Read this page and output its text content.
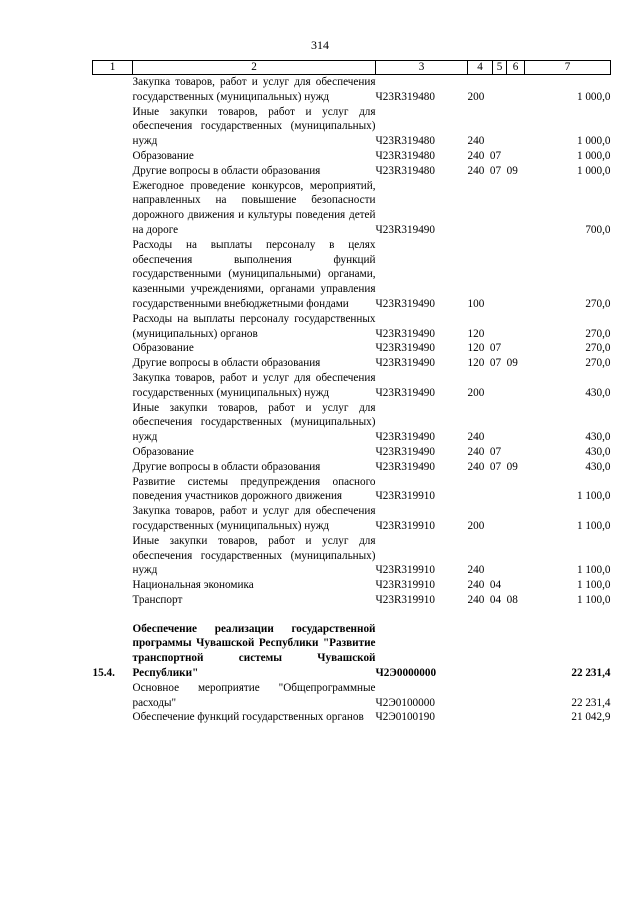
314
1	2	3	4	5	6	7
	Закупка товаров, работ и услуг для обеспечения государственных (муниципальных) нужд	Ч23R319480	200			1 000,0
	Иные закупки товаров, работ и услуг для обеспечения государственных (муниципальных) нужд	Ч23R319480	240			1 000,0
	Образование	Ч23R319480	240  07			1 000,0
	Другие вопросы в области образования	Ч23R319480	240  07  09			1 000,0
	Ежегодное проведение конкурсов, мероприятий, направленных на повышение безопасности дорожного движения и культуры поведения детей на дороге	Ч23R319490				700,0
	Расходы на выплаты персоналу в целях обеспечения выполнения функций государственными (муниципальными) органами, казенными учреждениями, органами управления государственными внебюджетными фондами	Ч23R319490	100			270,0
	Расходы на выплаты персоналу государственных (муниципальных) органов	Ч23R319490	120			270,0
	Образование	Ч23R319490	120  07			270,0
	Другие вопросы в области образования	Ч23R319490	120  07  09			270,0
	Закупка товаров, работ и услуг для обеспечения государственных (муниципальных) нужд	Ч23R319490	200			430,0
	Иные закупки товаров, работ и услуг для обеспечения государственных (муниципальных) нужд	Ч23R319490	240			430,0
	Образование	Ч23R319490	240  07			430,0
	Другие вопросы в области образования	Ч23R319490	240  07  09			430,0
	Развитие системы предупреждения опасного поведения участников дорожного движения	Ч23R319910				1 100,0
	Закупка товаров, работ и услуг для обеспечения государственных (муниципальных) нужд	Ч23R319910	200			1 100,0
	Иные закупки товаров, работ и услуг для обеспечения государственных (муниципальных) нужд	Ч23R319910	240			1 100,0
	Национальная экономика	Ч23R319910	240  04			1 100,0
	Транспорт	Ч23R319910	240  04  08			1 100,0

15.4.	Обеспечение реализации государственной программы Чувашской Республики "Развитие транспортной системы Чувашской Республики"	Ч2Э0000000				22 231,4
	Основное мероприятие "Общепрограммные расходы"	Ч2Э0100000				22 231,4
	Обеспечение функций государственных органов	Ч2Э0100190				21 042,9
